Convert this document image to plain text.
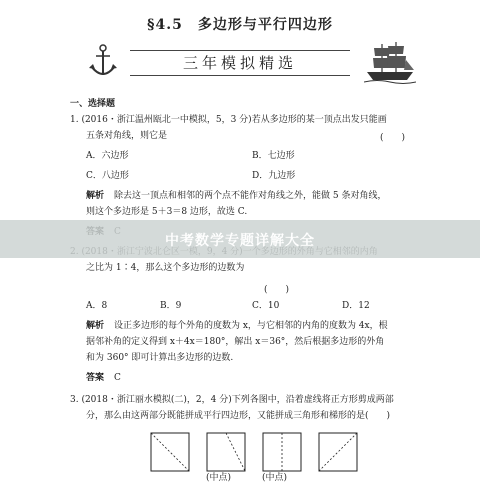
§4.5　多边形与平行四边形
三年模拟精选
一、选择题
1. (2016・浙江温州瓯北一中模拟，5，3 分)若从多边形的某一顶点出发只能画
五条对角线，则它是	(　　)
A．六边形	B．七边形
C．八边形	D．九边形
解析 除去这一顶点和相邻的两个点不能作对角线之外，能做 5 条对角线，
则这个多边形是 5＋3＝8 边形，故选 C.
之比为 1∶4，那么这个多边形的边数为
(　　)
A．8	B．9	C．10	D．12
解析 设正多边形的每个外角的度数为 x，与它相邻的内角的度数为 4x，根
据邻补角的定义得到 x＋4x＝180°，解出 x＝36°，然后根据多边形的外角
和为 360° 即可计算出多边形的边数.
答案 C
3. (2018・浙江丽水模拟(二)，2，4 分)下列各图中，沿着虚线将正方形剪成两部
分，那么由这两部分既能拼成平行四边形，又能拼成三角形和梯形的是(　　)
中考数学专题详解大全
(中点)	(中点)
